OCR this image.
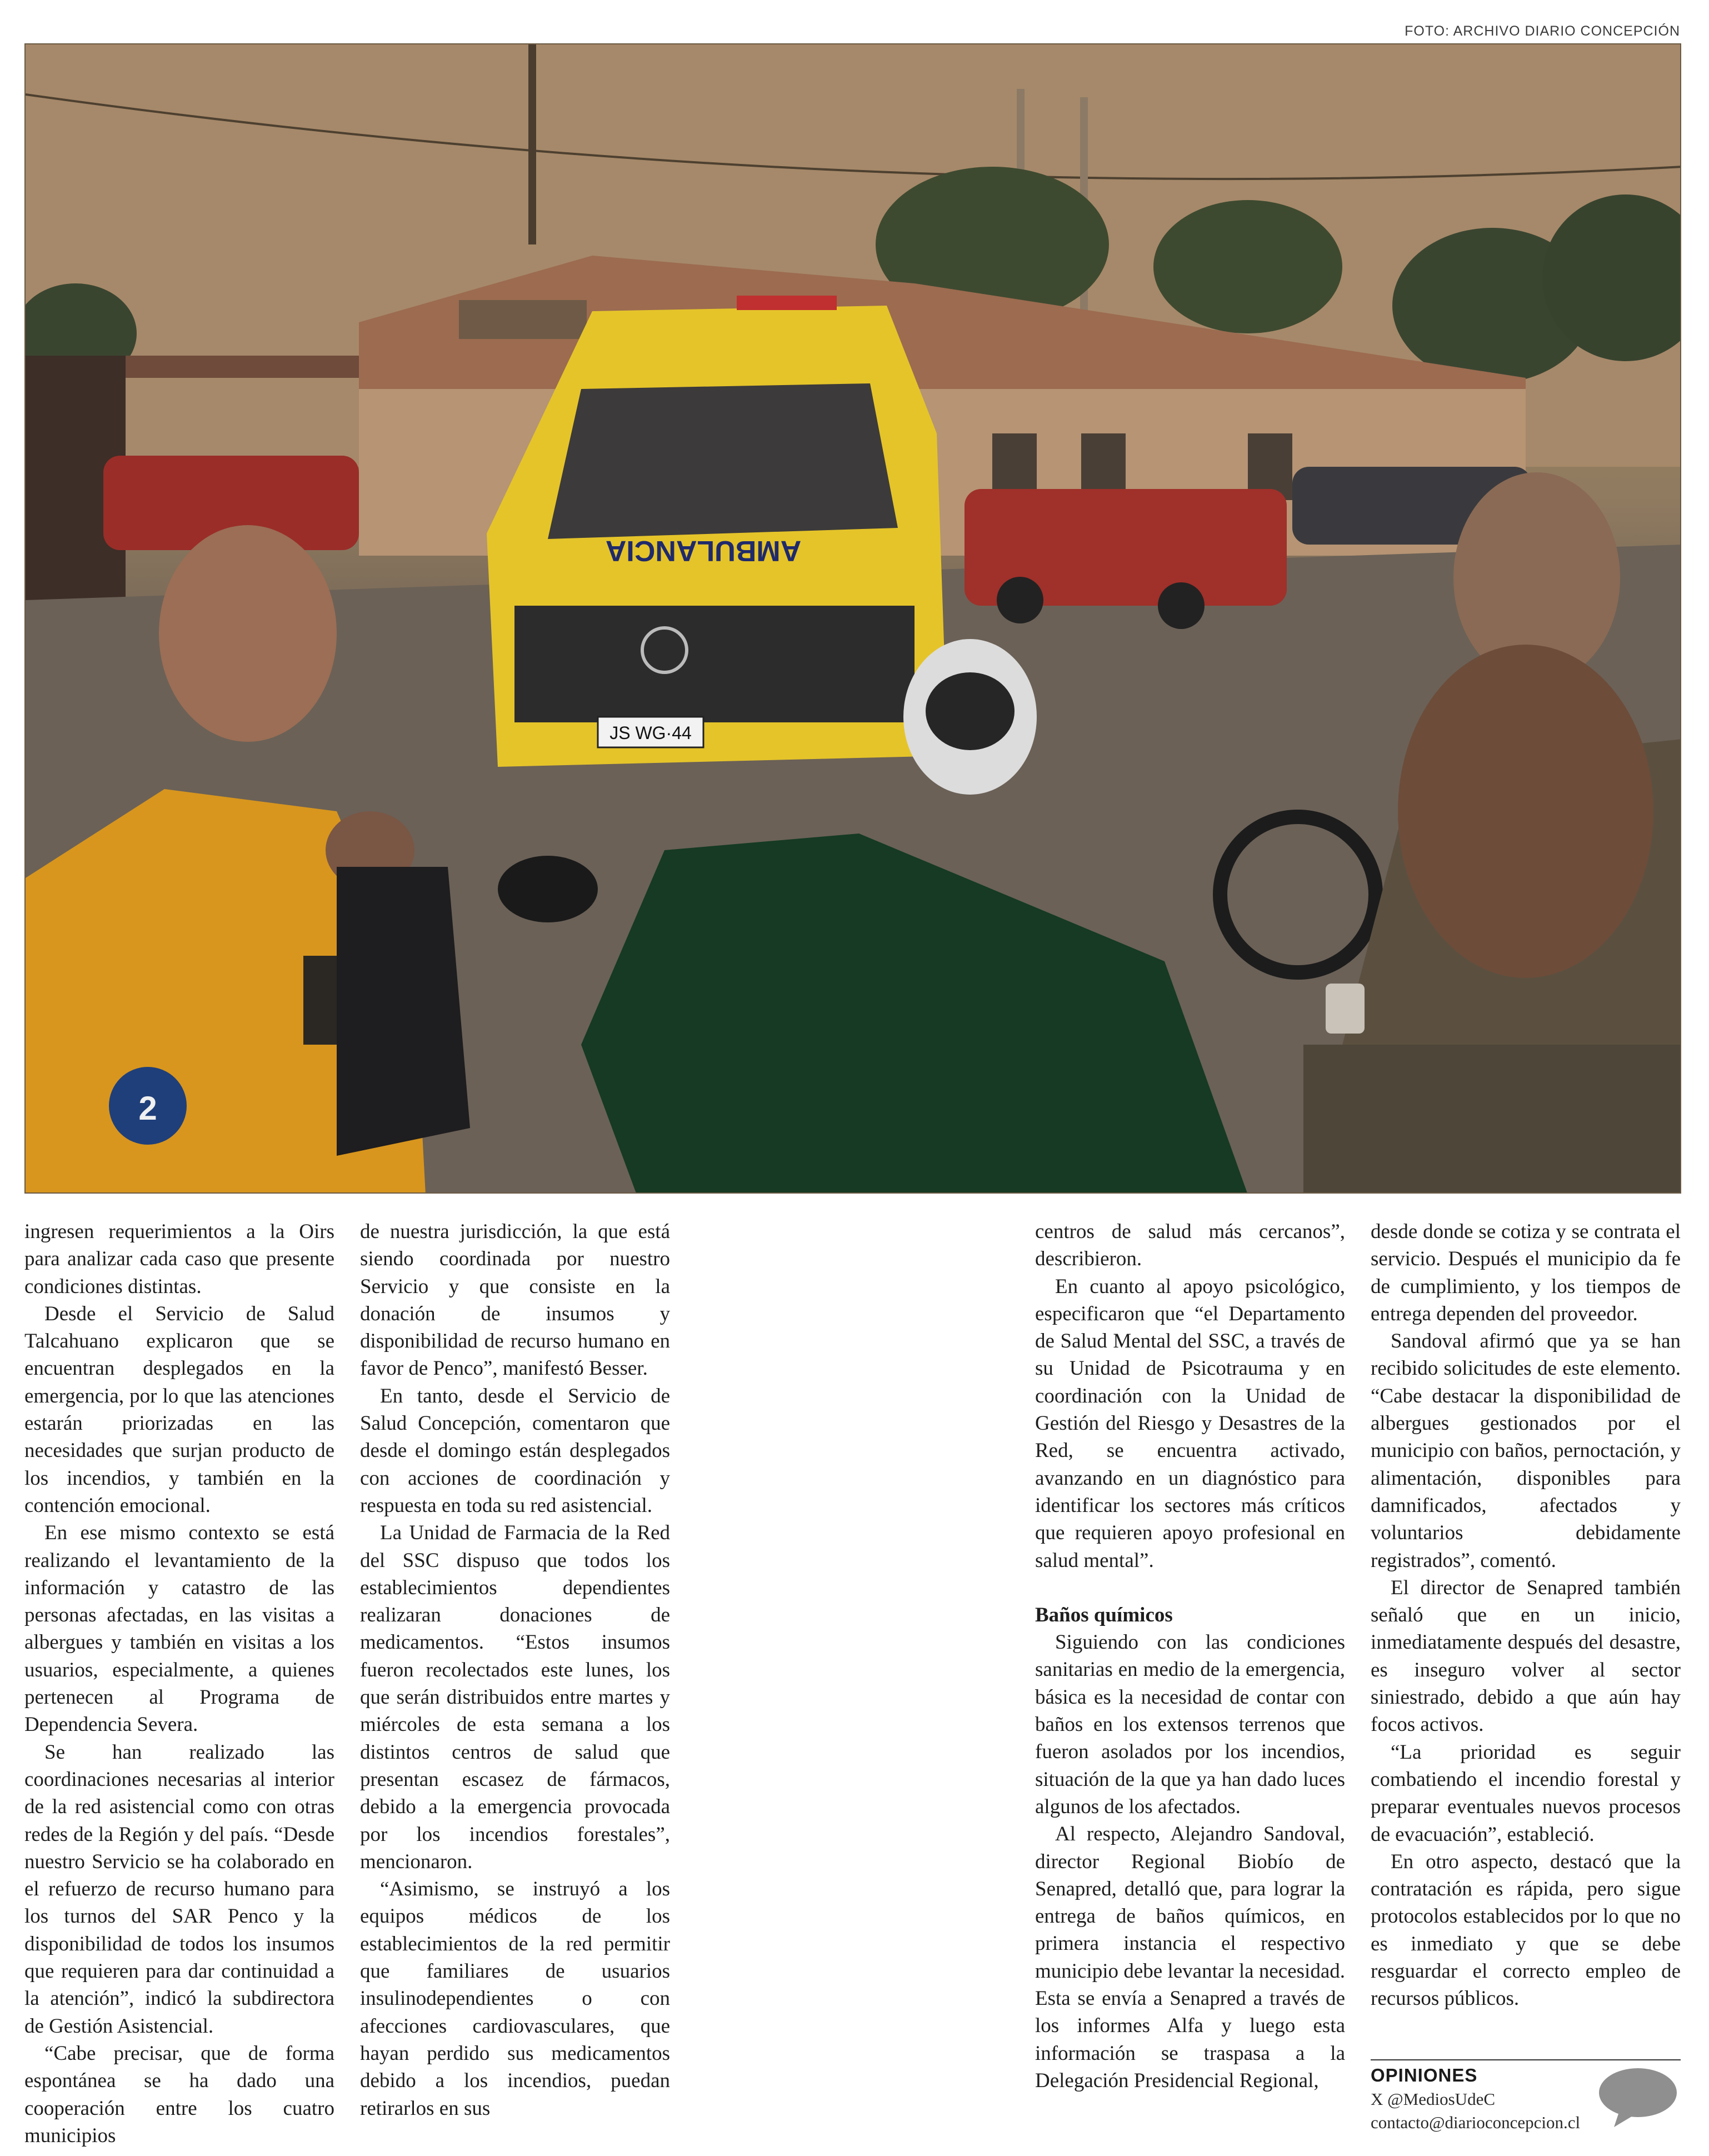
FOTO: ARCHIVO DIARIO CONCEPCIÓN
AMBULANCIA
JS WG·44
2

ingresen requerimientos a la Oirs para analizar cada caso que presente condiciones distintas.

Desde el Servicio de Salud Talcahuano explicaron que se encuentran desplegados en la emergencia, por lo que las atenciones estarán priorizadas en las necesidades que surjan producto de los incendios, y también en la contención emocional.

En ese mismo contexto se está realizando el levantamiento de la información y catastro de las personas afectadas, en las visitas a albergues y también en visitas a los usuarios, especialmente, a quienes pertenecen al Programa de Dependencia Severa.

Se han realizado las coordinaciones necesarias al interior de la red asistencial como con otras redes de la Región y del país. “Desde nuestro Servicio se ha colaborado en el refuerzo de recurso humano para los turnos del SAR Penco y la disponibilidad de todos los insumos que requieren para dar continuidad a la atención”, indicó la subdirectora de Gestión Asistencial.

“Cabe precisar, que de forma espontánea se ha dado una cooperación entre los cuatro municipios

de nuestra jurisdicción, la que está siendo coordinada por nuestro Servicio y que consiste en la donación de insumos y disponibilidad de recurso humano en favor de Penco”, manifestó Besser.

En tanto, desde el Servicio de Salud Concepción, comentaron que desde el domingo están desplegados con acciones de coordinación y respuesta en toda su red asistencial.

La Unidad de Farmacia de la Red del SSC dispuso que todos los establecimientos dependientes realizaran donaciones de medicamentos. “Estos insumos fueron recolectados este lunes, los que serán distribuidos entre martes y miércoles de esta semana a los distintos centros de salud que presentan escasez de fármacos, debido a la emergencia provocada por los incendios forestales”, mencionaron.

“Asimismo, se instruyó a los equipos médicos de los establecimientos de la red permitir que familiares de usuarios insulinodependientes o con afecciones cardiovasculares, que hayan perdido sus medicamentos debido a los incendios, puedan retirarlos en sus

centros de salud más cercanos”, describieron.

En cuanto al apoyo psicológico, especificaron que “el Departamento de Salud Mental del SSC, a través de su Unidad de Psicotrauma y en coordinación con la Unidad de Gestión del Riesgo y Desastres de la Red, se encuentra activado, avanzando en un diagnóstico para identificar los sectores más críticos que requieren apoyo profesional en salud mental”.

Baños químicos

Siguiendo con las condiciones sanitarias en medio de la emergencia, básica es la necesidad de contar con baños en los extensos terrenos que fueron asolados por los incendios, situación de la que ya han dado luces algunos de los afectados.

Al respecto, Alejandro Sandoval, director Regional Biobío de Senapred, detalló que, para lograr la entrega de baños químicos, en primera instancia el respectivo municipio debe levantar la necesidad. Esta se envía a Senapred a través de los informes Alfa y luego esta información se traspasa a la Delegación Presidencial Regional,

desde donde se cotiza y se contrata el servicio. Después el municipio da fe de cumplimiento, y los tiempos de entrega dependen del proveedor.

Sandoval afirmó que ya se han recibido solicitudes de este elemento. “Cabe destacar la disponibilidad de albergues gestionados por el municipio con baños, pernoctación, y alimentación, disponibles para damnificados, afectados y voluntarios debidamente registrados”, comentó.

El director de Senapred también señaló que en un inicio, inmediatamente después del desastre, es inseguro volver al sector siniestrado, debido a que aún hay focos activos.

“La prioridad es seguir combatiendo el incendio forestal y preparar eventuales nuevos procesos de evacuación”, estableció.

En otro aspecto, destacó que la contratación es rápida, pero sigue protocolos establecidos por lo que no es inmediato y que se debe resguardar el correcto empleo de recursos públicos.

OPINIONES
X @MediosUdeC
contacto@diarioconcepcion.cl
